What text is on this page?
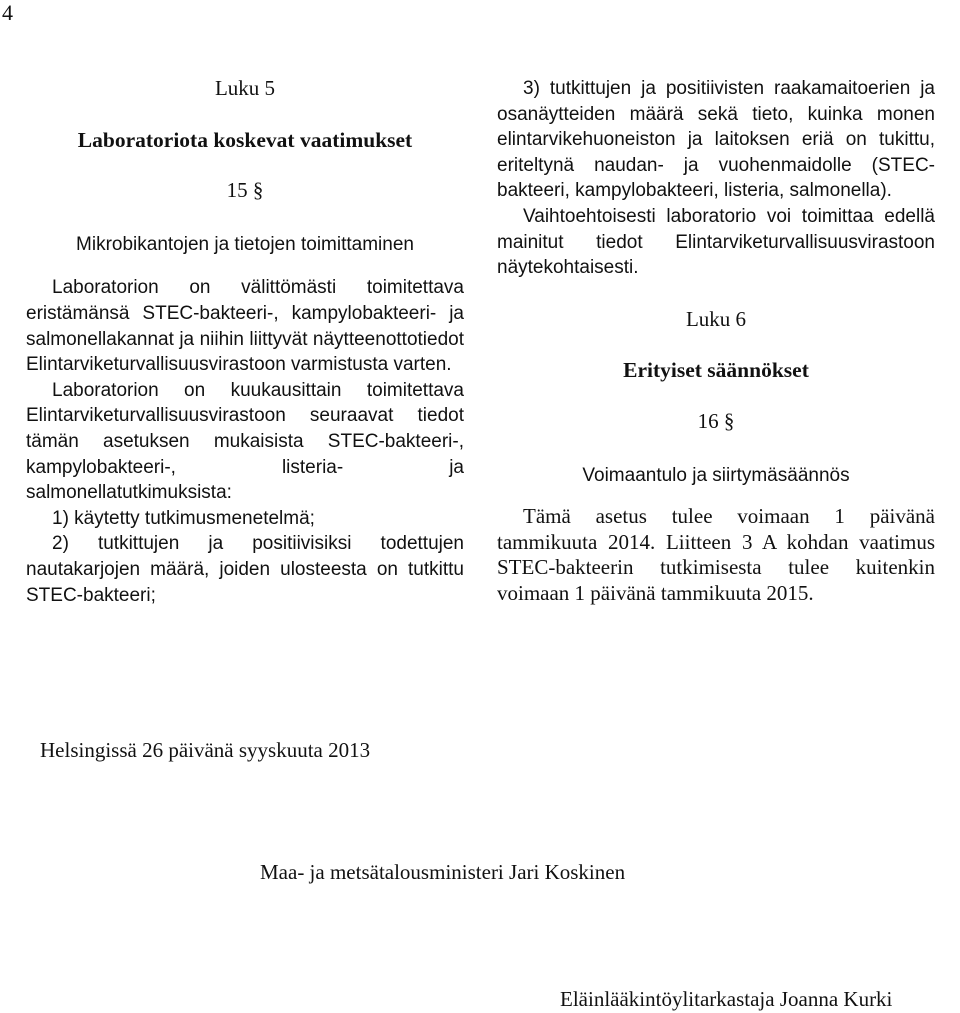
4

Luku 5

Laboratoriota koskevat vaatimukset

15 §

Mikrobikantojen ja tietojen toimittaminen

Laboratorion on välittömästi toimitettava eristämänsä STEC-bakteeri-, kampylobakteeri- ja salmonellakannat ja niihin liittyvät näytteenottotiedot Elintarviketurvallisuusvirastoon varmistusta varten.

Laboratorion on kuukausittain toimitettava Elintarviketurvallisuusvirastoon seuraavat tiedot tämän asetuksen mukaisista STEC-bakteeri-, kampylobakteeri-, listeria- ja salmonellatutkimuksista:

1) käytetty tutkimusmenetelmä;

2) tutkittujen ja positiivisiksi todettujen nautakarjojen määrä, joiden ulosteesta on tutkittu STEC-bakteeri;

3) tutkittujen ja positiivisten raakamaitoerien ja osanäytteiden määrä sekä tieto, kuinka monen elintarvikehuoneiston ja laitoksen eriä on tukittu, eriteltynä naudan- ja vuohenmaidolle (STEC-bakteeri, kampylobakteeri, listeria, salmonella).

Vaihtoehtoisesti laboratorio voi toimittaa edellä mainitut tiedot Elintarviketurvallisuusvirastoon näytekohtaisesti.

Luku 6

Erityiset säännökset

16 §

Voimaantulo ja siirtymäsäännös

Tämä asetus tulee voimaan 1 päivänä tammikuuta 2014. Liitteen 3 A kohdan vaatimus STEC-bakteerin tutkimisesta tulee kuitenkin voimaan 1 päivänä tammikuuta 2015.

Helsingissä 26 päivänä syyskuuta 2013
Maa- ja metsätalousministeri Jari Koskinen
Eläinlääkintöylitarkastaja Joanna Kurki
